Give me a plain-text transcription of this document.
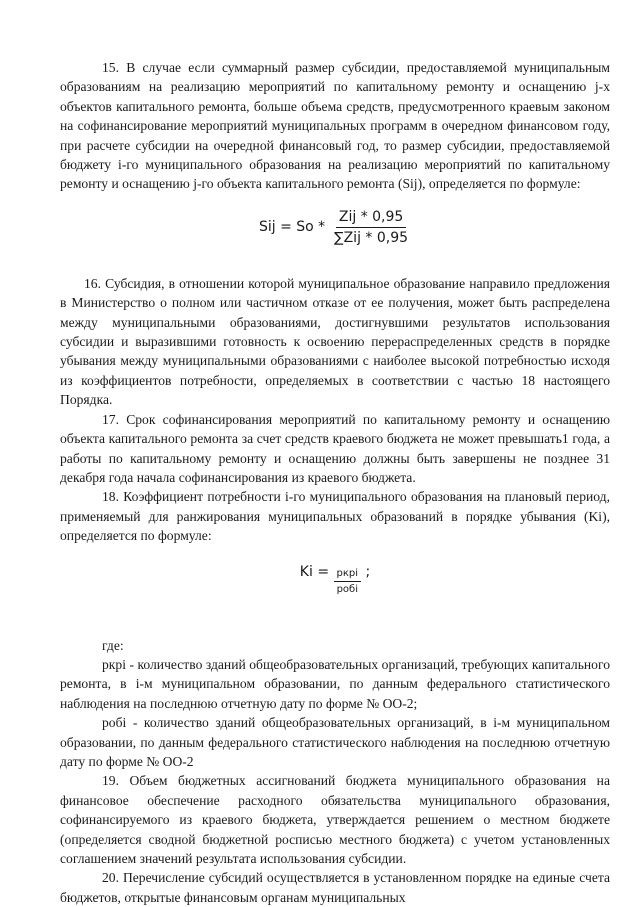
15. В случае если суммарный размер субсидии, предоставляемой муниципальным образованиям на реализацию мероприятий по капитальному ремонту и оснащению j-х объектов капитального ремонта, больше объема средств, предусмотренного краевым законом на софинансирование мероприятий муниципальных программ в очередном финансовом году, при расчете субсидии на очередной финансовый год, то размер субсидии, предоставляемой бюджету i-го муниципального образования на реализацию мероприятий по капитальному ремонту и оснащению j-го объекта капитального ремонта (Sij), определяется по формуле:

Sij = So * $\frac{\text{Zij * 0,95}}{\text{∑Zij * 0,95}}$

16. Субсидия, в отношении которой муниципальное образование направило предложения в Министерство о полном или частичном отказе от ее получения, может быть распределена между муниципальными образованиями, достигнувшими результатов использования субсидии и выразившими готовность к освоению перераспределенных средств в порядке убывания между муниципальными образованиями с наиболее высокой потребностью исходя из коэффициентов потребности, определяемых в соответствии с частью 18 настоящего Порядка.

17. Срок софинансирования мероприятий по капитальному ремонту и оснащению объекта капитального ремонта за счет средств краевого бюджета не может превышать1 года, а работы по капитальному ремонту и оснащению должны быть завершены не позднее 31 декабря года начала софинансирования из краевого бюджета.

18. Коэффициент потребности i-го муниципального образования на плановый период, применяемый для ранжирования муниципальных образований в порядке убывания (Ki), определяется по формуле:

$Ki = \frac{\text{pкрi}}{\text{pобi}}$ ;

где:

pкрi - количество зданий общеобразовательных организаций, требующих капитального ремонта, в i-м муниципальном образовании, по данным федерального статистического наблюдения на последнюю отчетную дату по форме № ОО-2;

pобi - количество зданий общеобразовательных организаций, в i-м муниципальном образовании, по данным федерального статистического наблюдения на последнюю отчетную дату по форме № ОО-2

19. Объем бюджетных ассигнований бюджета муниципального образования на финансовое обеспечение расходного обязательства муниципального образования, софинансируемого из краевого бюджета, утверждается решением о местном бюджете (определяется сводной бюджетной росписью местного бюджета) с учетом установленных соглашением значений результата использования субсидии.

20. Перечисление субсидий осуществляется в установленном порядке на единые счета бюджетов, открытые финансовым органам муниципальных
